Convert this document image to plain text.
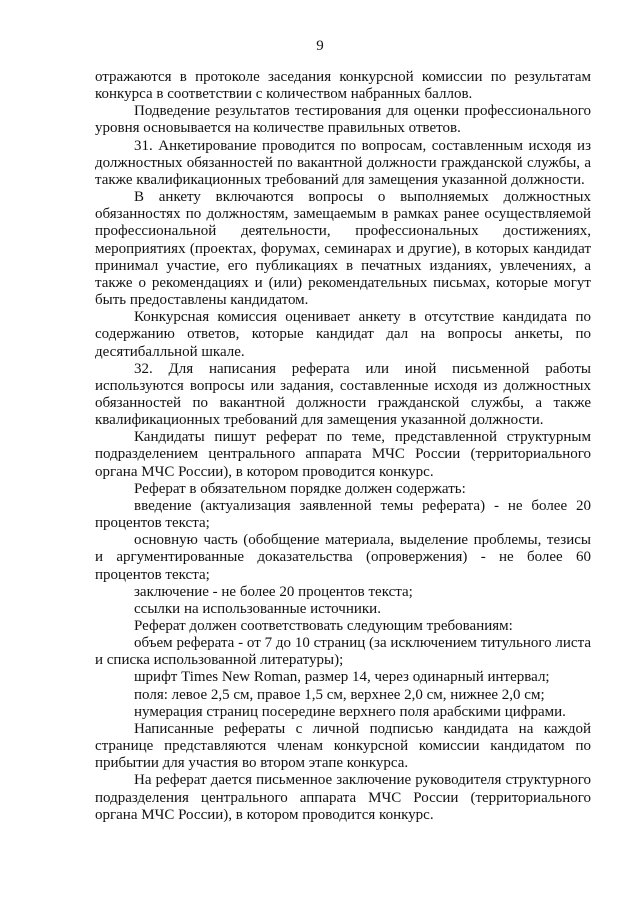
9

отражаются в протоколе заседания конкурсной комиссии по результатам конкурса в соответствии с количеством набранных баллов.

Подведение результатов тестирования для оценки профессионального уровня основывается на количестве правильных ответов.

31. Анкетирование проводится по вопросам, составленным исходя из должностных обязанностей по вакантной должности гражданской службы, а также квалификационных требований для замещения указанной должности.

В анкету включаются вопросы о выполняемых должностных обязанностях по должностям, замещаемым в рамках ранее осуществляемой профессиональной деятельности, профессиональных достижениях, мероприятиях (проектах, форумах, семинарах и другие), в которых кандидат принимал участие, его публикациях в печатных изданиях, увлечениях, а также о рекомендациях и (или) рекомендательных письмах, которые могут быть предоставлены кандидатом.

Конкурсная комиссия оценивает анкету в отсутствие кандидата по содержанию ответов, которые кандидат дал на вопросы анкеты, по десятибалльной шкале.

32. Для написания реферата или иной письменной работы используются вопросы или задания, составленные исходя из должностных обязанностей по вакантной должности гражданской службы, а также квалификационных требований для замещения указанной должности.

Кандидаты пишут реферат по теме, представленной структурным подразделением центрального аппарата МЧС России (территориального органа МЧС России), в котором проводится конкурс.

Реферат в обязательном порядке должен содержать:

введение (актуализация заявленной темы реферата) - не более 20 процентов текста;

основную часть (обобщение материала, выделение проблемы, тезисы и аргументированные доказательства (опровержения) - не более 60 процентов текста;

заключение - не более 20 процентов текста;

ссылки на использованные источники.

Реферат должен соответствовать следующим требованиям:

объем реферата - от 7 до 10 страниц (за исключением титульного листа и списка использованной литературы);

шрифт Times New Roman, размер 14, через одинарный интервал;

поля: левое 2,5 см, правое 1,5 см, верхнее 2,0 см, нижнее 2,0 см;

нумерация страниц посередине верхнего поля арабскими цифрами.

Написанные рефераты с личной подписью кандидата на каждой странице представляются членам конкурсной комиссии кандидатом по прибытии для участия во втором этапе конкурса.

На реферат дается письменное заключение руководителя структурного подразделения центрального аппарата МЧС России (территориального органа МЧС России), в котором проводится конкурс.
